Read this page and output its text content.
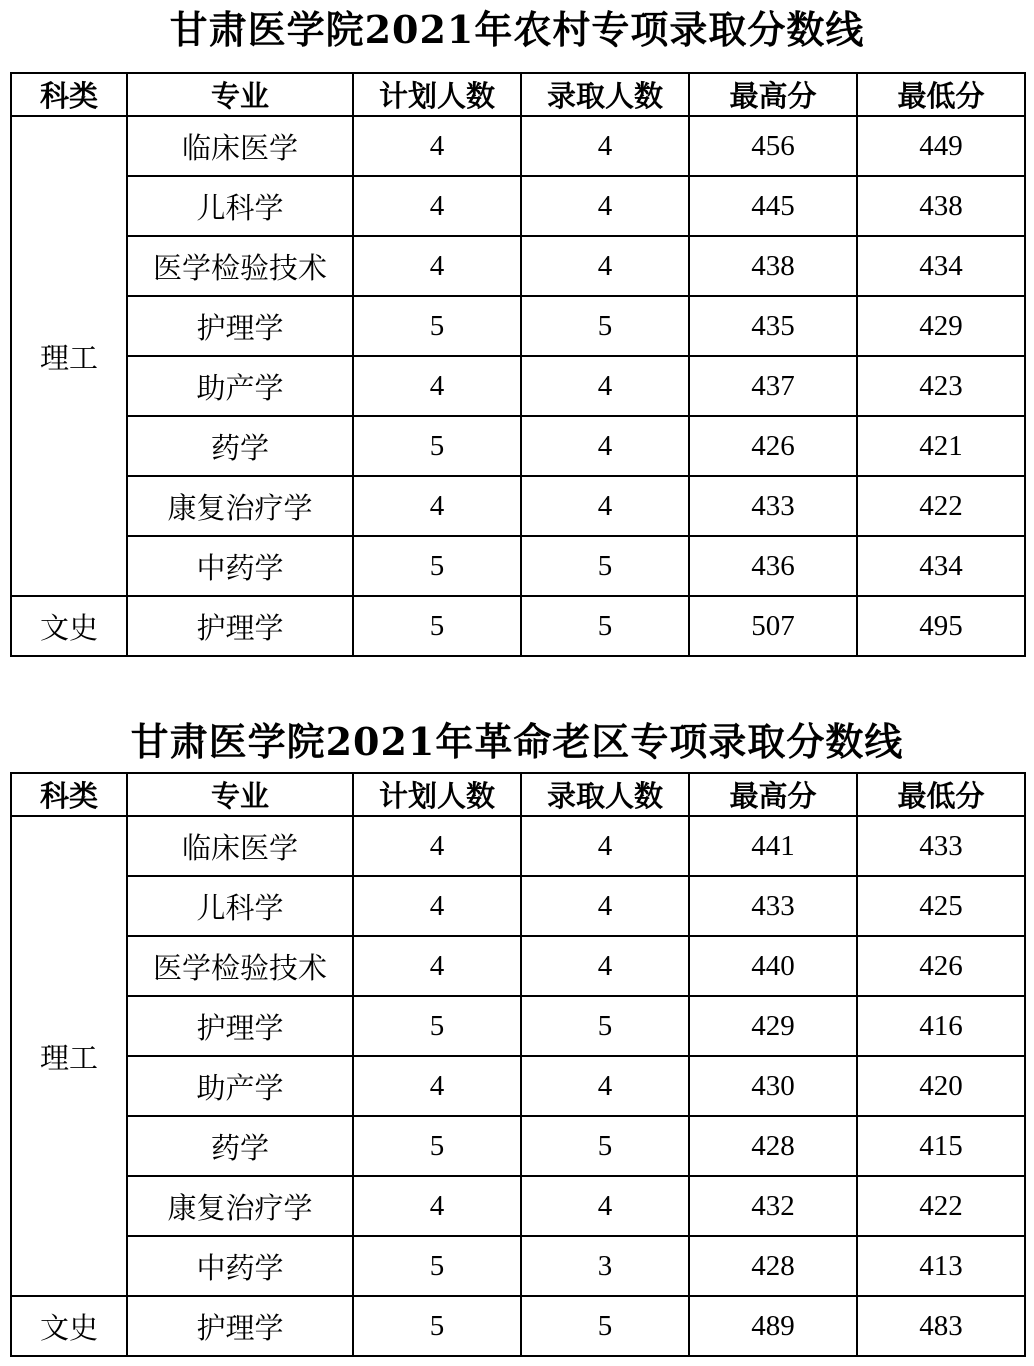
甘肃医学院2021年农村专项录取分数线
科类	专业	计划人数	录取人数	最高分	最低分
理工	临床医学	4	4	456	449
	儿科学	4	4	445	438
	医学检验技术	4	4	438	434
	护理学	5	5	435	429
	助产学	4	4	437	423
	药学	5	4	426	421
	康复治疗学	4	4	433	422
	中药学	5	5	436	434
文史	护理学	5	5	507	495
甘肃医学院2021年革命老区专项录取分数线
科类	专业	计划人数	录取人数	最高分	最低分
理工	临床医学	4	4	441	433
	儿科学	4	4	433	425
	医学检验技术	4	4	440	426
	护理学	5	5	429	416
	助产学	4	4	430	420
	药学	5	5	428	415
	康复治疗学	4	4	432	422
	中药学	5	3	428	413
文史	护理学	5	5	489	483
